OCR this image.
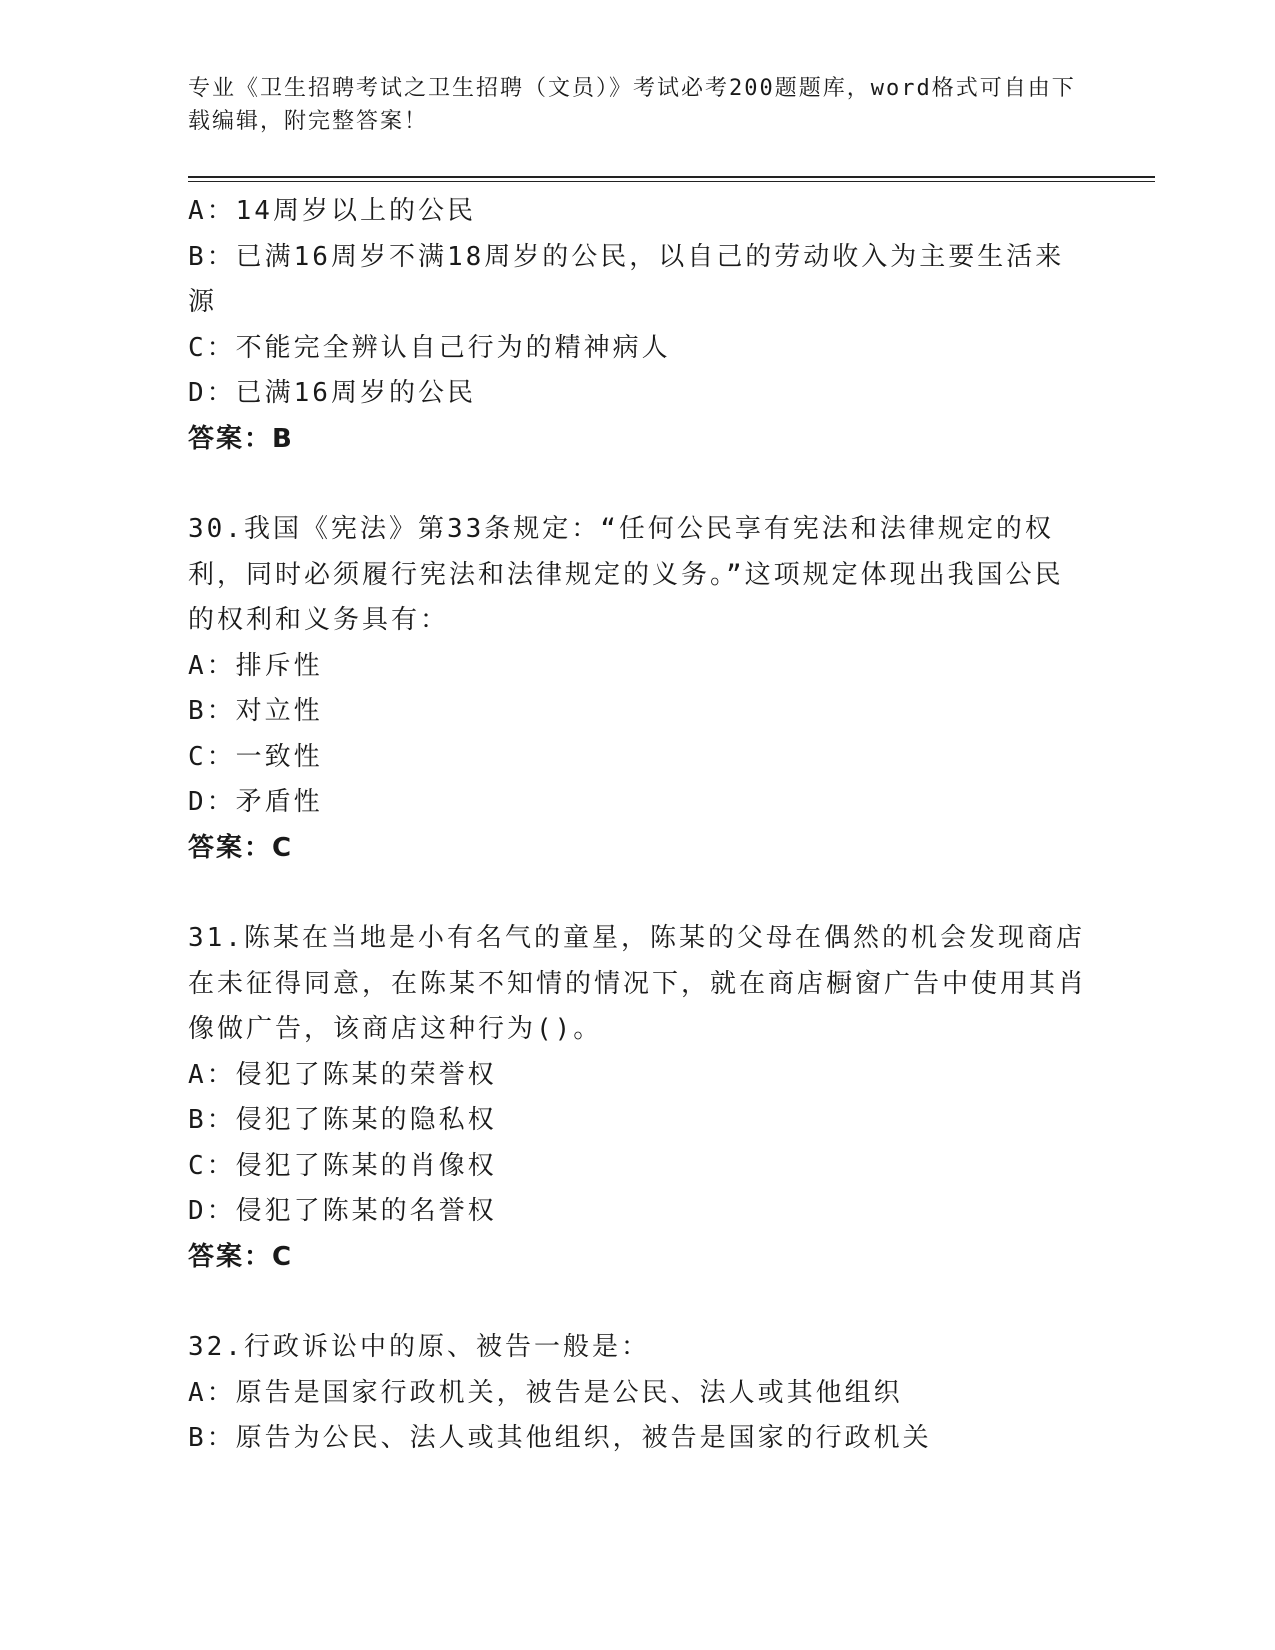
专业《卫生招聘考试之卫生招聘（文员）》考试必考200题题库，word格式可自由下载编辑，附完整答案！
A：14周岁以上的公民
B：已满16周岁不满18周岁的公民，以自己的劳动收入为主要生活来源
C：不能完全辨认自己行为的精神病人
D：已满16周岁的公民
答案：B
30.我国《宪法》第33条规定：“任何公民享有宪法和法律规定的权利，同时必须履行宪法和法律规定的义务。”这项规定体现出我国公民的权利和义务具有：
A：排斥性
B：对立性
C：一致性
D：矛盾性
答案：C
31.陈某在当地是小有名气的童星，陈某的父母在偶然的机会发现商店在未征得同意，在陈某不知情的情况下，就在商店橱窗广告中使用其肖像做广告，该商店这种行为()。
A：侵犯了陈某的荣誉权
B：侵犯了陈某的隐私权
C：侵犯了陈某的肖像权
D：侵犯了陈某的名誉权
答案：C
32.行政诉讼中的原、被告一般是：
A：原告是国家行政机关，被告是公民、法人或其他组织
B：原告为公民、法人或其他组织，被告是国家的行政机关
